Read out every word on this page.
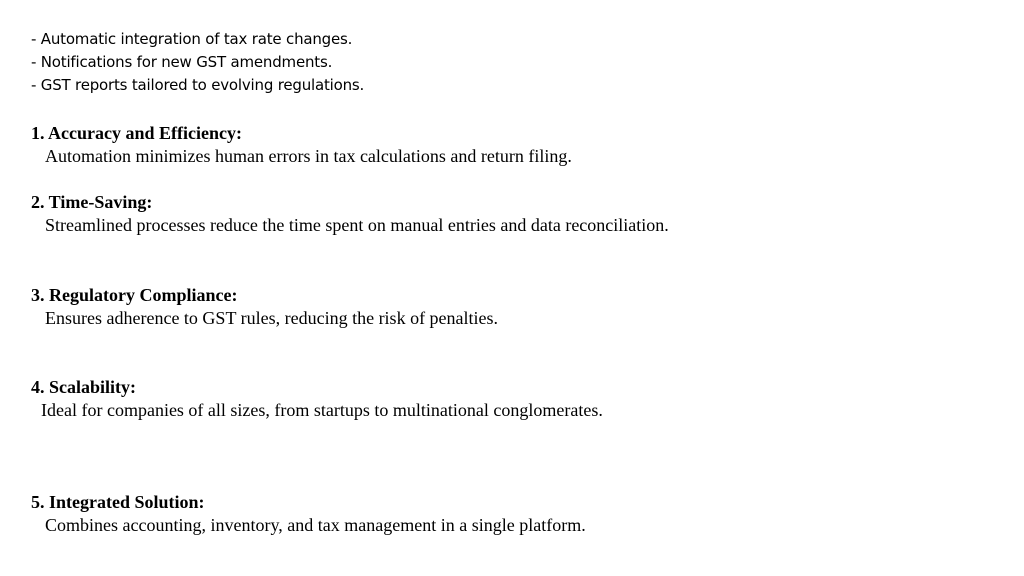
- Automatic integration of tax rate changes.
- Notifications for new GST amendments.
- GST reports tailored to evolving regulations.
1. Accuracy and Efficiency:
Automation minimizes human errors in tax calculations and return filing.
2. Time-Saving:
Streamlined processes reduce the time spent on manual entries and data reconciliation.
3. Regulatory Compliance:
Ensures adherence to GST rules, reducing the risk of penalties.
4. Scalability:
Ideal for companies of all sizes, from startups to multinational conglomerates.
5. Integrated Solution:
Combines accounting, inventory, and tax management in a single platform.
